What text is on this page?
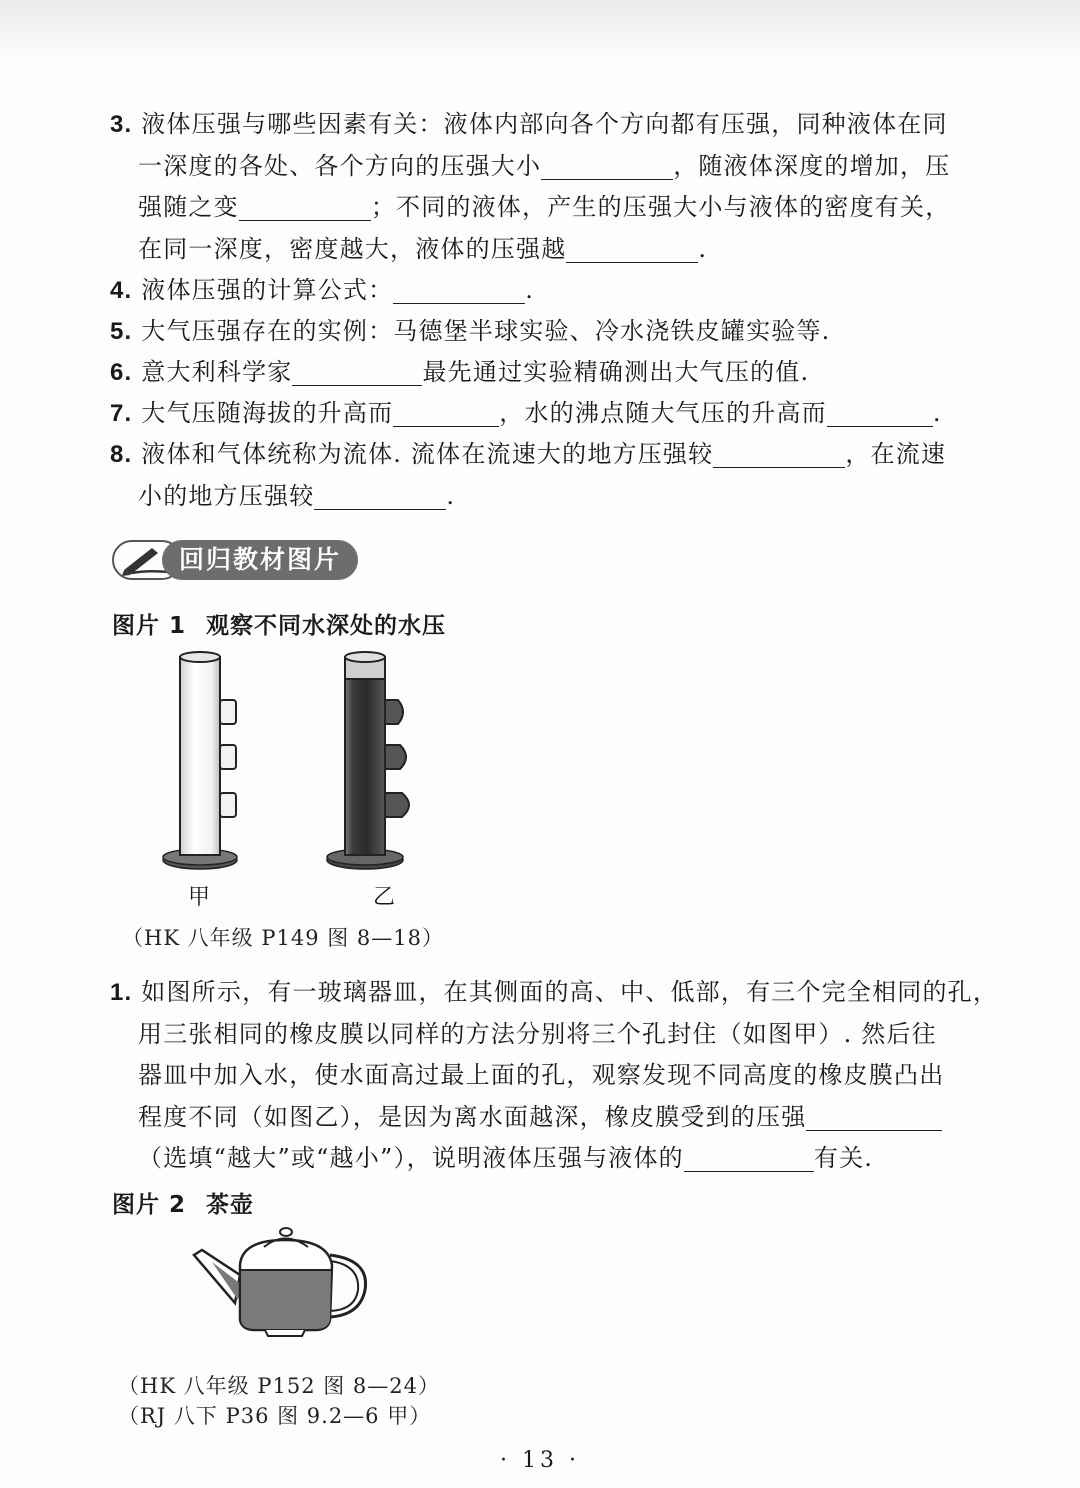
3. 液体压强与哪些因素有关：液体内部向各个方向都有压强，同种液体在同
一深度的各处、各个方向的压强大小	，随液体深度的增加，压
强随之变	；不同的液体，产生的压强大小与液体的密度有关，
在同一深度，密度越大，液体的压强越	.
4. 液体压强的计算公式：	.
5. 大气压强存在的实例：马德堡半球实验、冷水浇铁皮罐实验等.
6. 意大利科学家	最先通过实验精确测出大气压的值.
7. 大气压随海拔的升高而	，水的沸点随大气压的升高而	.
8. 液体和气体统称为流体. 流体在流速大的地方压强较	，在流速
小的地方压强较	.
回归教材图片
图片 1 观察不同水深处的水压
甲	乙
（HK 八年级 P149 图 8—18）
1. 如图所示，有一玻璃器皿，在其侧面的高、中、低部，有三个完全相同的孔，
用三张相同的橡皮膜以同样的方法分别将三个孔封住（如图甲）. 然后往
器皿中加入水，使水面高过最上面的孔，观察发现不同高度的橡皮膜凸出
程度不同（如图乙），是因为离水面越深，橡皮膜受到的压强
（选填“越大”或“越小”），说明液体压强与液体的	有关.
图片 2 茶壶
（HK 八年级 P152 图 8—24）
（RJ 八下 P36 图 9.2—6 甲）
· 13 ·
